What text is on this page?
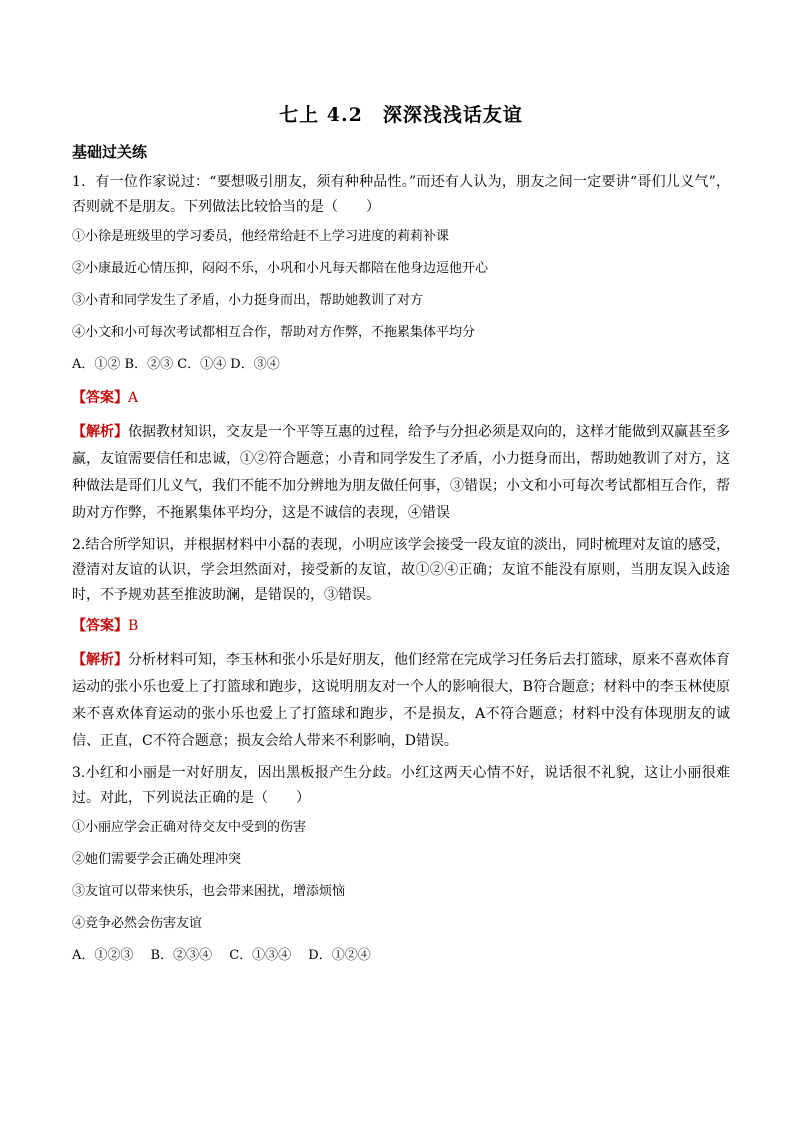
七上 4.2　深深浅浅话友谊
基础过关练

1．有一位作家说过：“要想吸引朋友，须有种种品性。”而还有人认为，朋友之间一定要讲“哥们儿义气”，否则就不是朋友。下列做法比较恰当的是（　　）

①小徐是班级里的学习委员，他经常给赶不上学习进度的莉莉补课

②小康最近心情压抑，闷闷不乐，小巩和小凡每天都陪在他身边逗他开心

③小青和同学发生了矛盾，小力挺身而出，帮助她教训了对方

④小文和小可每次考试都相互合作，帮助对方作弊，不拖累集体平均分

A．①② B．②③ C．①④ D．③④

【答案】A

【解析】依据教材知识，交友是一个平等互惠的过程，给予与分担必须是双向的，这样才能做到双赢甚至多赢，友谊需要信任和忠诚，①②符合题意；小青和同学发生了矛盾，小力挺身而出，帮助她教训了对方，这种做法是哥们儿义气，我们不能不加分辨地为朋友做任何事，③错误；小文和小可每次考试都相互合作，帮助对方作弊，不拖累集体平均分，这是不诚信的表现，④错误

2.结合所学知识，并根据材料中小磊的表现，小明应该学会接受一段友谊的淡出，同时梳理对友谊的感受，澄清对友谊的认识，学会坦然面对，接受新的友谊，故①②④正确；友谊不能没有原则，当朋友误入歧途时，不予规劝甚至推波助澜，是错误的，③错误。

【答案】B

【解析】分析材料可知，李玉林和张小乐是好朋友，他们经常在完成学习任务后去打篮球，原来不喜欢体育运动的张小乐也爱上了打篮球和跑步，这说明朋友对一个人的影响很大，B符合题意；材料中的李玉林使原来不喜欢体育运动的张小乐也爱上了打篮球和跑步，不是损友，A不符合题意；材料中没有体现朋友的诚信、正直，C不符合题意；损友会给人带来不利影响，D错误。

3.小红和小丽是一对好朋友，因出黑板报产生分歧。小红这两天心情不好，说话很不礼貌，这让小丽很难过。对此，下列说法正确的是（　　）

①小丽应学会正确对待交友中受到的伤害

②她们需要学会正确处理冲突

③友谊可以带来快乐，也会带来困扰，增添烦恼

④竞争必然会伤害友谊

A．①②③　 B．②③④　 C．①③④　 D．①②④
